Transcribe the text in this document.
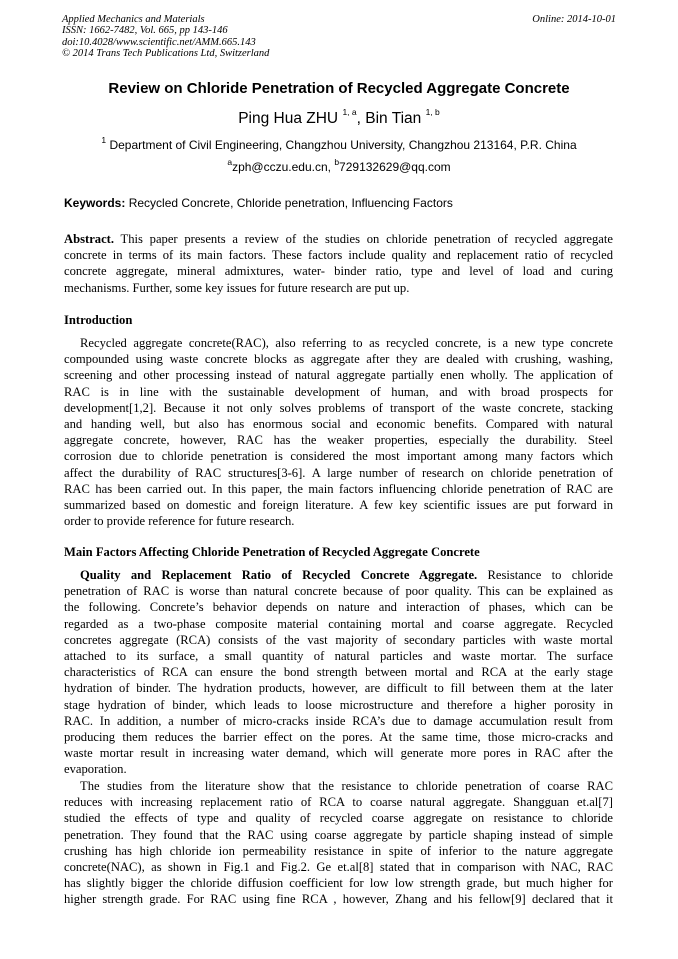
Applied Mechanics and Materials
ISSN: 1662-7482, Vol. 665, pp 143-146
doi:10.4028/www.scientific.net/AMM.665.143
© 2014 Trans Tech Publications Ltd, Switzerland
Online: 2014-10-01
Review on Chloride Penetration of Recycled Aggregate Concrete
Ping Hua ZHU $^{1, a}$, Bin Tian $^{1, b}$
$^1$ Department of Civil Engineering, Changzhou University, Changzhou 213164, P.R. China
$^a$zph@cczu.edu.cn, $^b$729132629@qq.com
Keywords: Recycled Concrete, Chloride penetration, Influencing Factors
Abstract. This paper presents a review of the studies on chloride penetration of recycled aggregate
concrete in terms of its main factors. These factors include quality and replacement ratio of recycled
concrete aggregate, mineral admixtures, water- binder ratio, type and level of load and curing
mechanisms. Further, some key issues for future research are put up.
Introduction
Recycled aggregate concrete(RAC), also referring to as recycled concrete, is a new type concrete
compounded using waste concrete blocks as aggregate after they are dealed with crushing, washing,
screening and other processing instead of natural aggregate partially enen wholly. The application of
RAC is in line with the sustainable development of human, and with broad prospects for
development[1,2]. Because it not only solves problems of transport of the waste concrete, stacking
and handing well, but also has enormous social and economic benefits. Compared with natural
aggregate concrete, however, RAC has the weaker properties, especially the durability. Steel
corrosion due to chloride penetration is considered the most important among many factors which
affect the durability of RAC structures[3-6]. A large number of research on chloride penetration of
RAC has been carried out. In this paper, the main factors influencing chloride penetration of RAC are
summarized based on domestic and foreign literature. A few key scientific issues are put forward in
order to provide reference for future research.
Main Factors Affecting Chloride Penetration of Recycled Aggregate Concrete
Quality and Replacement Ratio of Recycled Concrete Aggregate. Resistance to chloride
penetration of RAC is worse than natural concrete because of poor quality. This can be explained as
the following. Concrete’s behavior depends on nature and interaction of phases, which can be
regarded as a two-phase composite material containing mortal and coarse aggregate. Recycled
concretes aggregate (RCA) consists of the vast majority of secondary particles with waste mortal
attached to its surface, a small quantity of natural particles and waste mortar. The surface
characteristics of RCA can ensure the bond strength between mortal and RCA at the early stage
hydration of binder. The hydration products, however, are difficult to fill between them at the later
stage hydration of binder, which leads to loose microstructure and therefore a higher porosity in
RAC. In addition, a number of micro-cracks inside RCA’s due to damage accumulation result from
producing them reduces the barrier effect on the pores. At the same time, those micro-cracks and
waste mortar result in increasing water demand, which will generate more pores in RAC after the
evaporation.
The studies from the literature show that the resistance to chloride penetration of coarse RAC
reduces with increasing replacement ratio of RCA to coarse natural aggregate. Shangguan et.al[7]
studied the effects of type and quality of recycled coarse aggregate on resistance to chloride
penetration. They found that the RAC using coarse aggregate by particle shaping instead of simple
crushing has high chloride ion permeability resistance in spite of inferior to the nature aggregate
concrete(NAC), as shown in Fig.1 and Fig.2. Ge et.al[8] stated that in comparison with NAC, RAC
has slightly bigger the chloride diffusion coefficient for low low strength grade, but much higher for
higher strength grade. For RAC using fine RCA , however, Zhang and his fellow[9] declared that it
